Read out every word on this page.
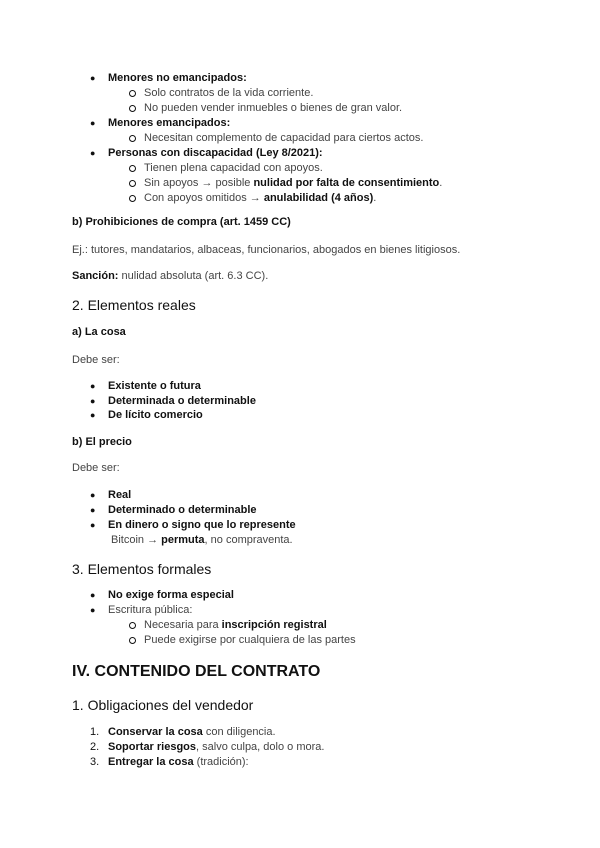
● Menores no emancipados:
Solo contratos de la vida corriente.
No pueden vender inmuebles o bienes de gran valor.
● Menores emancipados:
Necesitan complemento de capacidad para ciertos actos.
● Personas con discapacidad (Ley 8/2021):
Tienen plena capacidad con apoyos.
Sin apoyos → posible nulidad por falta de consentimiento.
Con apoyos omitidos → anulabilidad (4 años).
b) Prohibiciones de compra (art. 1459 CC)
Ej.: tutores, mandatarios, albaceas, funcionarios, abogados en bienes litigiosos.
Sanción: nulidad absoluta (art. 6.3 CC).
2. Elementos reales
a) La cosa
Debe ser:
● Existente o futura
● Determinada o determinable
● De lícito comercio
b) El precio
Debe ser:
● Real
● Determinado o determinable
● En dinero o signo que lo represente
Bitcoin → permuta, no compraventa.
3. Elementos formales
● No exige forma especial
● Escritura pública:
Necesaria para inscripción registral
Puede exigirse por cualquiera de las partes
IV. CONTENIDO DEL CONTRATO
1. Obligaciones del vendedor
1. Conservar la cosa con diligencia.
2. Soportar riesgos, salvo culpa, dolo o mora.
3. Entregar la cosa (tradición):
